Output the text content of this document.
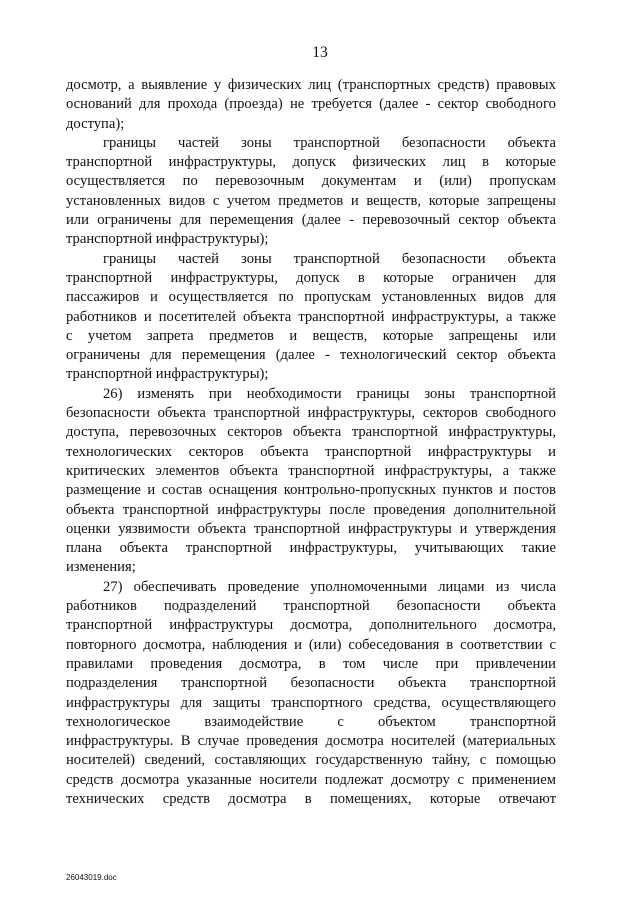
13
досмотр, а выявление у физических лиц (транспортных средств) правовых
оснований для прохода (проезда) не требуется (далее - сектор свободного
доступа);
границы частей зоны транспортной безопасности объекта
транспортной инфраструктуры, допуск физических лиц в которые
осуществляется по перевозочным документам и (или) пропускам
установленных видов с учетом предметов и веществ, которые запрещены
или ограничены для перемещения (далее - перевозочный сектор объекта
транспортной инфраструктуры);
границы частей зоны транспортной безопасности объекта
транспортной инфраструктуры, допуск в которые ограничен для
пассажиров и осуществляется по пропускам установленных видов для
работников и посетителей объекта транспортной инфраструктуры, а также
с учетом запрета предметов и веществ, которые запрещены или
ограничены для перемещения (далее - технологический сектор объекта
транспортной инфраструктуры);
26) изменять при необходимости границы зоны транспортной
безопасности объекта транспортной инфраструктуры, секторов свободного
доступа, перевозочных секторов объекта транспортной инфраструктуры,
технологических секторов объекта транспортной инфраструктуры и
критических элементов объекта транспортной инфраструктуры, а также
размещение и состав оснащения контрольно-пропускных пунктов и постов
объекта транспортной инфраструктуры после проведения дополнительной
оценки уязвимости объекта транспортной инфраструктуры и утверждения
плана объекта транспортной инфраструктуры, учитывающих такие
изменения;
27) обеспечивать проведение уполномоченными лицами из числа
работников подразделений транспортной безопасности объекта
транспортной инфраструктуры досмотра, дополнительного досмотра,
повторного досмотра, наблюдения и (или) собеседования в соответствии с
правилами проведения досмотра, в том числе при привлечении
подразделения транспортной безопасности объекта транспортной
инфраструктуры для защиты транспортного средства, осуществляющего
технологическое взаимодействие с объектом транспортной
инфраструктуры. В случае проведения досмотра носителей (материальных
носителей) сведений, составляющих государственную тайну, с помощью
средств досмотра указанные носители подлежат досмотру с применением
технических средств досмотра в помещениях, которые отвечают
26043019.doc
